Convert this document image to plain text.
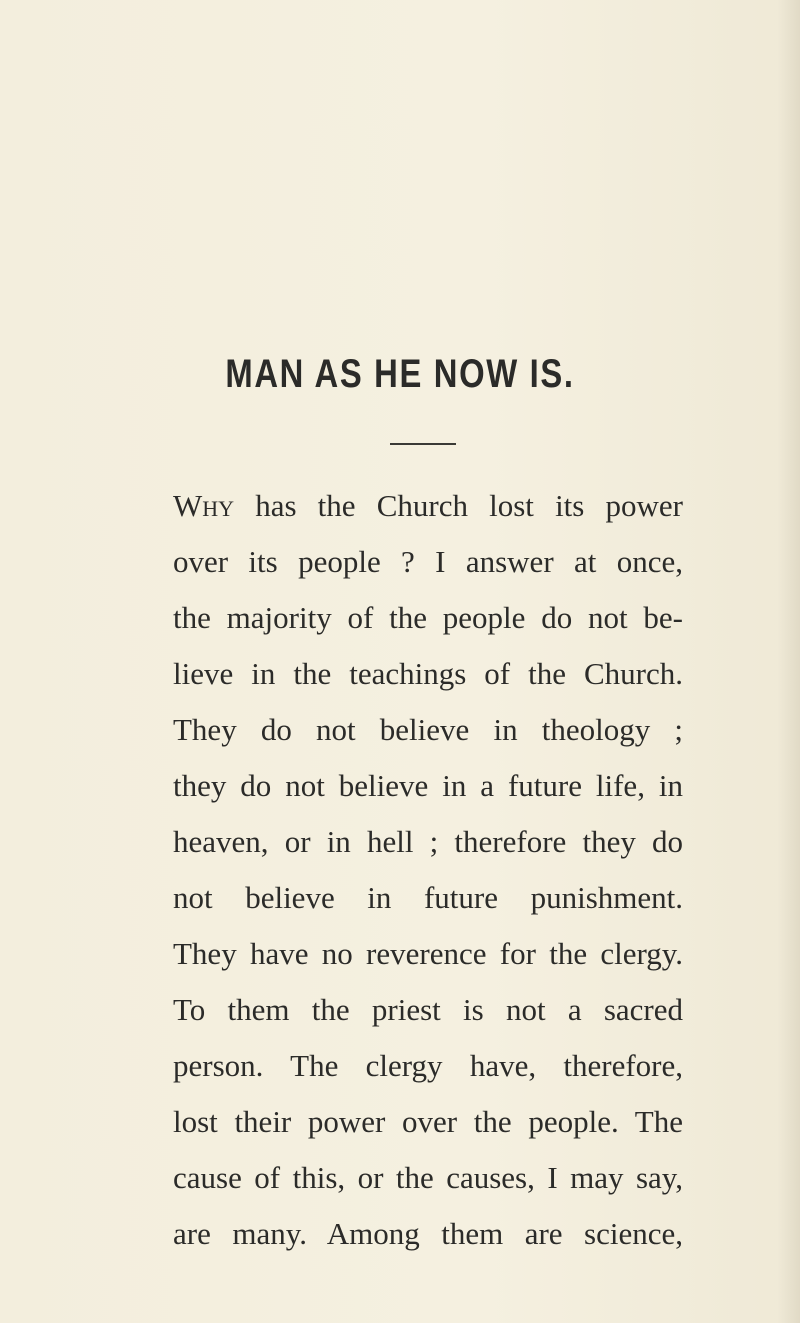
MAN AS HE NOW IS.
Why has the Church lost its power
over its people ? I answer at once,
the majority of the people do not be-
lieve in the teachings of the Church.
They do not believe in theology ;
they do not believe in a future life, in
heaven, or in hell ; therefore they do
not believe in future punishment.
They have no reverence for the clergy.
To them the priest is not a sacred
person. The clergy have, therefore,
lost their power over the people. The
cause of this, or the causes, I may say,
are many. Among them are science,
